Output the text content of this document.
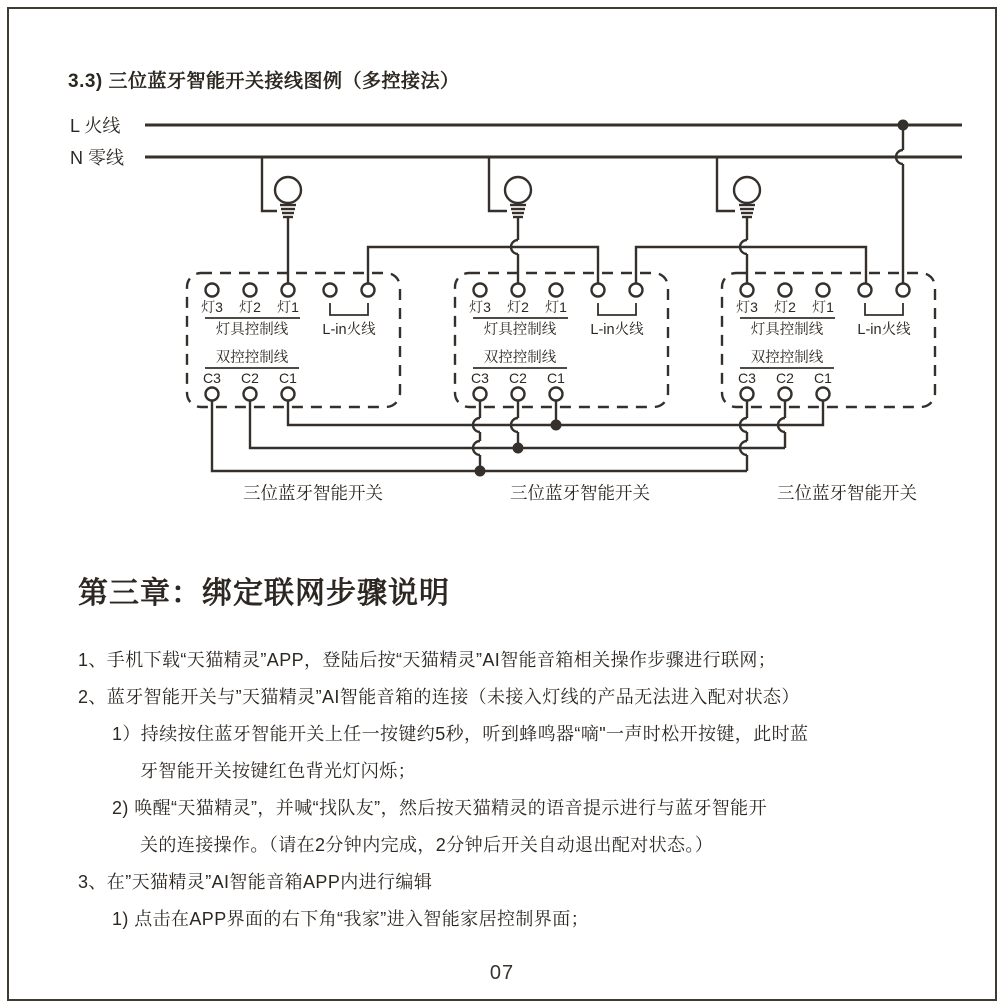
3.3) 三位蓝牙智能开关接线图例（多控接法）
L 火线
N 零线
灯3 灯2 灯1
灯具控制线 L-in火线
双控控制线
C3 C2 C1
灯3 灯2 灯1
灯具控制线 L-in火线
双控控制线
C3 C2 C1
灯3 灯2 灯1
灯具控制线 L-in火线
双控控制线
C3 C2 C1
三位蓝牙智能开关	三位蓝牙智能开关	三位蓝牙智能开关
第三章：绑定联网步骤说明
1、手机下载“天猫精灵”APP，登陆后按“天猫精灵”AI智能音箱相关操作步骤进行联网；
2、蓝牙智能开关与”天猫精灵”AI智能音箱的连接（未接入灯线的产品无法进入配对状态）
1）持续按住蓝牙智能开关上任一按键约5秒，听到蜂鸣器“嘀"一声时松开按键，此时蓝
牙智能开关按键红色背光灯闪烁；
2) 唤醒“天猫精灵”，并喊“找队友”，然后按天猫精灵的语音提示进行与蓝牙智能开
关的连接操作。（请在2分钟内完成，2分钟后开关自动退出配对状态。）
3、在”天猫精灵”AI智能音箱APP内进行编辑
1) 点击在APP界面的右下角“我家”进入智能家居控制界面；
07
